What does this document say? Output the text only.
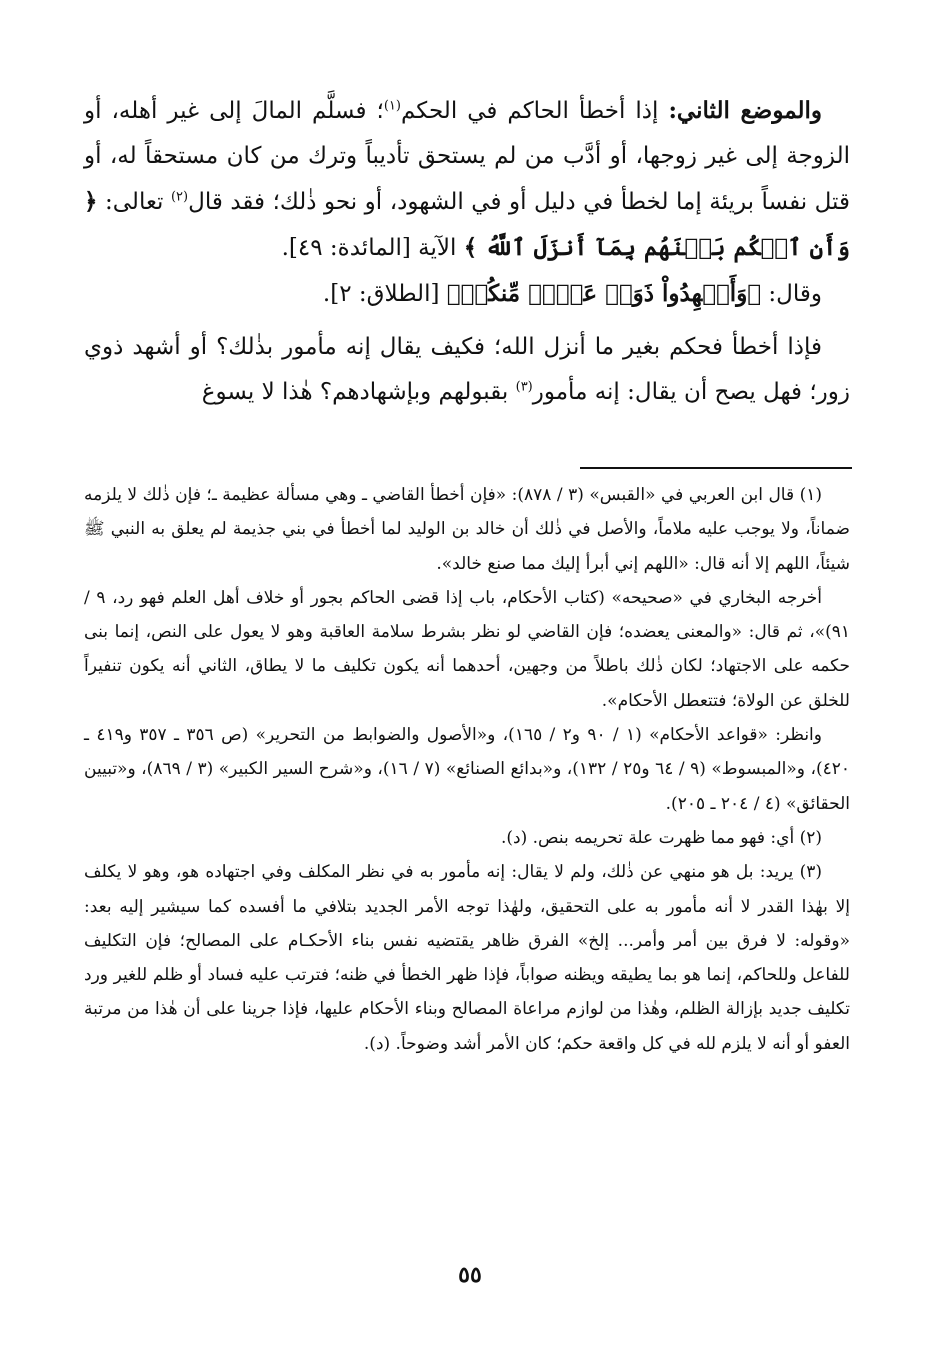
والموضع الثاني: إذا أخطأ الحاكم في الحكم$^{(١)}$؛ فسلَّم المالَ إلى غير أهله، أو الزوجة إلى غير زوجها، أو أدَّب من لم يستحق تأديباً وترك من كان مستحقاً له، أو قتل نفساً بريئة إما لخطأ في دليل أو في الشهود، أو نحو ذٰلك؛ فقد قال$^{(٢)}$ تعالى: ﴿ وَأَنِ ٱحۡكُم بَيۡنَهُم بِمَآ أَنزَلَ ٱللَّهُ ﴾ الآية [المائدة: ٤٩].

وقال: ﴿وَأَشۡهِدُواْ ذَوَيۡ عَدۡلٖ مِّنكُمۡ﴾ [الطلاق: ٢].

فإذا أخطأ فحكم بغير ما أنزل الله؛ فكيف يقال إنه مأمور بذٰلك؟ أو أشهد ذوي زور؛ فهل يصح أن يقال: إنه مأمور$^{(٣)}$ بقبولهم وبإشهادهم؟ هٰذا لا يسوغ

(١) قال ابن العربي في «القبس» (٣ / ٨٧٨): «فإن أخطأ القاضي ـ وهي مسألة عظيمة ـ؛ فإن ذٰلك لا يلزمه ضماناً، ولا يوجب عليه ملاماً، والأصل في ذٰلك أن خالد بن الوليد لما أخطأ في بني جذيمة لم يعلق به النبي ﷺ شيئاً، اللهم إلا أنه قال: «اللهم إني أبرأ إليك مما صنع خالد».

أخرجه البخاري في «صحيحه» (كتاب الأحكام، باب إذا قضى الحاكم بجور أو خلاف أهل العلم فهو رد، ٩ / ٩١)»، ثم قال: «والمعنى يعضده؛ فإن القاضي لو نظر بشرط سلامة العاقبة وهو لا يعول على النص، إنما بنى حكمه على الاجتهاد؛ لكان ذٰلك باطلاً من وجهين، أحدهما أنه يكون تكليف ما لا يطاق، الثاني أنه يكون تنفيراً للخلق عن الولاة؛ فتتعطل الأحكام».

وانظر: «قواعد الأحكام» (١ / ٩٠ و٢ / ١٦٥)، و«الأصول والضوابط من التحرير» (ص ٣٥٦ ـ ٣٥٧ و٤١٩ ـ ٤٢٠)، و«المبسوط» (٩ / ٦٤ و٢٥ / ١٣٢)، و«بدائع الصنائع» (٧ / ١٦)، و«شرح السير الكبير» (٣ / ٨٦٩)، و«تبيين الحقائق» (٤ / ٢٠٤ ـ ٢٠٥).

(٢) أي: فهو مما ظهرت علة تحريمه بنص. (د).

(٣) يريد: بل هو منهي عن ذٰلك، ولم لا يقال: إنه مأمور به في نظر المكلف وفي اجتهاده هو، وهو لا يكلف إلا بهٰذا القدر لا أنه مأمور به على التحقيق، ولهٰذا توجه الأمر الجديد بتلافي ما أفسده كما سيشير إليه بعد: «وقوله: لا فرق بين أمر وأمر... إلخ» الفرق ظاهر يقتضيه نفس بناء الأحكـام على المصالح؛ فإن التكليف للفاعل وللحاكم، إنما هو بما يطيقه ويظنه صواباً، فإذا ظهر الخطأ في ظنه؛ فترتب عليه فساد أو ظلم للغير ورد تكليف جديد بإزالة الظلم، وهٰذا من لوازم مراعاة المصالح وبناء الأحكام عليها، فإذا جرينا على أن هٰذا من مرتبة العفو أو أنه لا يلزم لله في كل واقعة حكم؛ كان الأمر أشد وضوحاً. (د).

٥٥
